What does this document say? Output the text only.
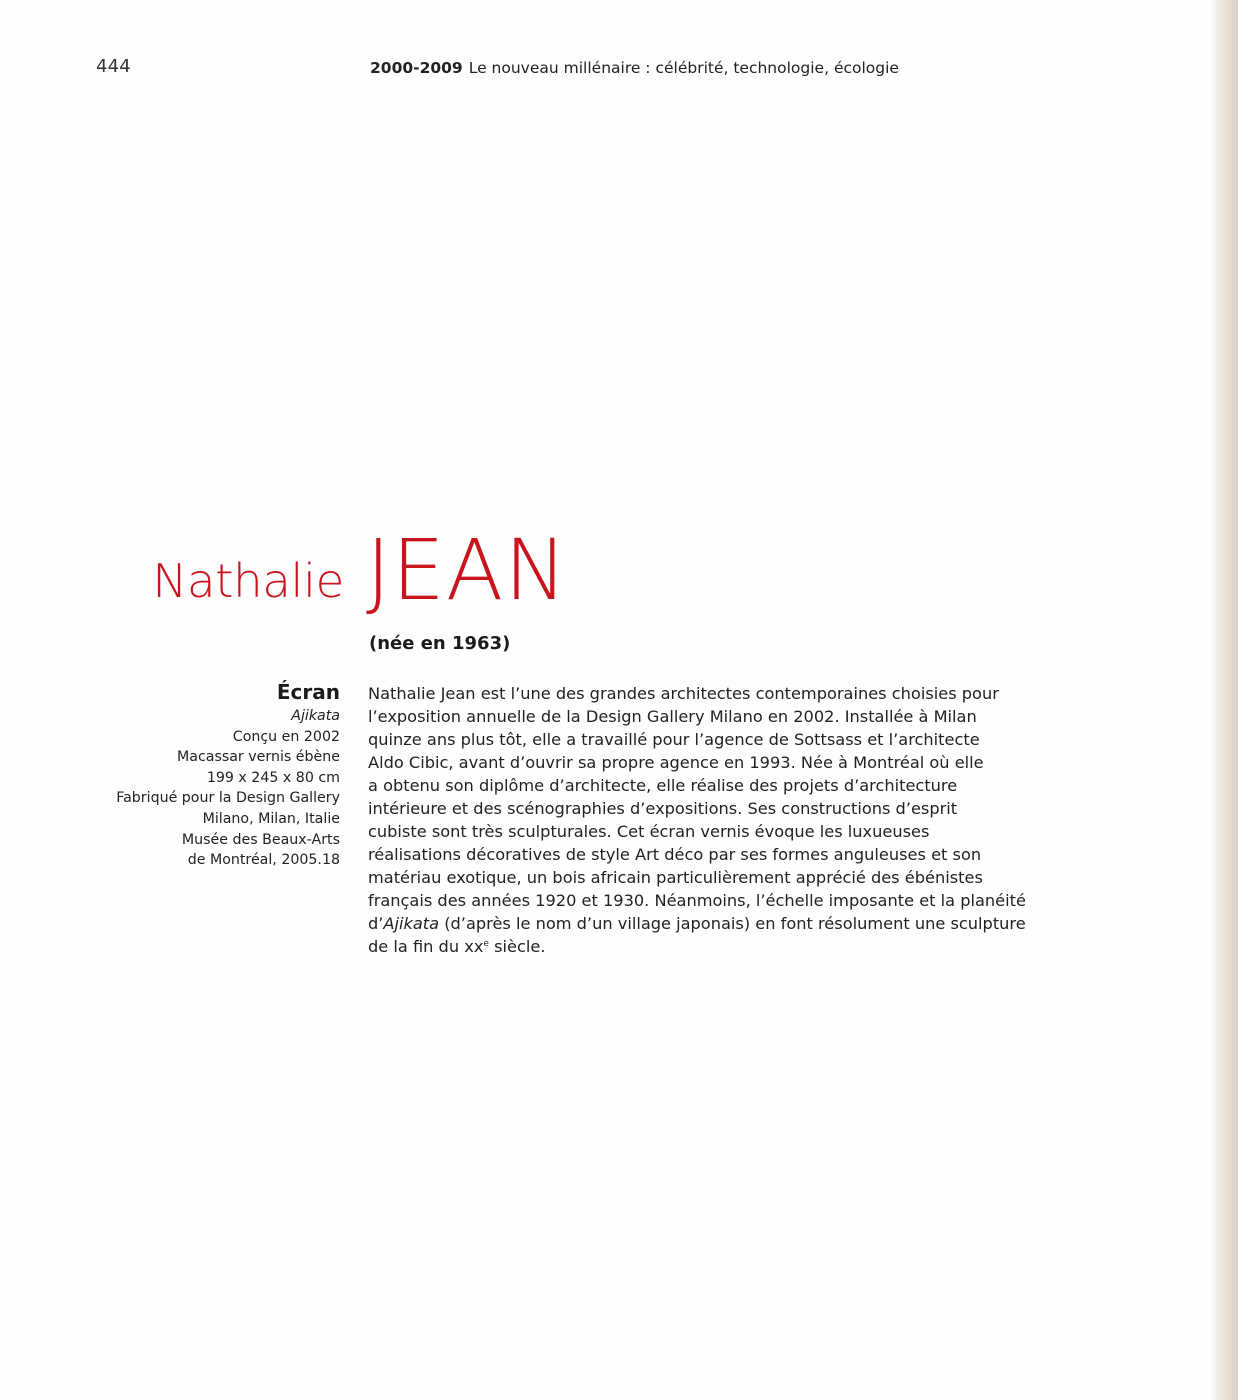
444	2000-2009 Le nouveau millénaire : célébrité, technologie, écologie
Nathalie JEAN
(née en 1963)
Écran
Ajikata
Conçu en 2002
Macassar vernis ébène
199 x 245 x 80 cm
Fabriqué pour la Design Gallery
Milano, Milan, Italie
Musée des Beaux-Arts
de Montréal, 2005.18
Nathalie Jean est l’une des grandes architectes contemporaines choisies pour
l’exposition annuelle de la Design Gallery Milano en 2002. Installée à Milan
quinze ans plus tôt, elle a travaillé pour l’agence de Sottsass et l’architecte
Aldo Cibic, avant d’ouvrir sa propre agence en 1993. Née à Montréal où elle
a obtenu son diplôme d’architecte, elle réalise des projets d’architecture
intérieure et des scénographies d’expositions. Ses constructions d’esprit
cubiste sont très sculpturales. Cet écran vernis évoque les luxueuses
réalisations décoratives de style Art déco par ses formes anguleuses et son
matériau exotique, un bois africain particulièrement apprécié des ébénistes
français des années 1920 et 1930. Néanmoins, l’échelle imposante et la planéité
d’Ajikata (d’après le nom d’un village japonais) en font résolument une sculpture
de la fin du $xx^e$ siècle.
